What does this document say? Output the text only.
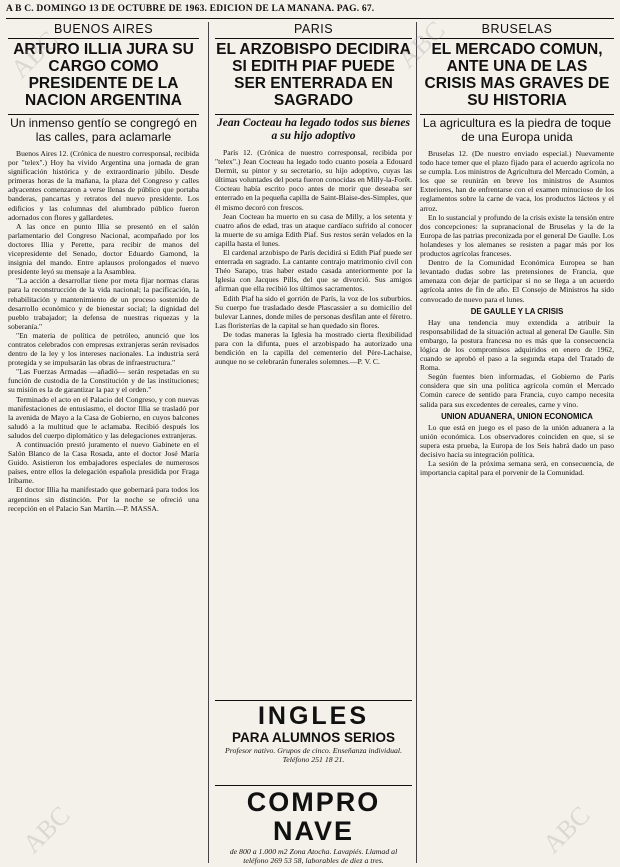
A B C. DOMINGO 13 DE OCTUBRE DE 1963. EDICION DE LA MAÑANA. PAG. 67.
BUENOS AIRES
ARTURO ILLIA JURA SU CARGO COMO PRESIDENTE DE LA NACION ARGENTINA
Un inmenso gentío se congregó en las calles, para aclamarle

Buenos Aires 12. (Crónica de nuestro corresponsal, recibida por "telex".) Hoy ha vivido Argentina una jornada de gran significación histórica y de extraordinario júbilo. Desde primeras horas de la mañana, la plaza del Congreso y calles adyacentes comenzaron a verse llenas de público que portaba banderas, pancartas y retratos del nuevo presidente. Los edificios y las columnas del alumbrado público fueron adornados con flores y gallardetes.

A las once en punto Illia se presentó en el salón parlamentario del Congreso Nacional, acompañado por los doctores Illia y Perette, para recibir de manos del vicepresidente del Senado, doctor Eduardo Gamond, la insignia del mando. Entre aplausos prolongados el nuevo presidente leyó su mensaje a la Asamblea.

"La acción a desarrollar tiene por meta fijar normas claras para la reconstrucción de la vida nacional; la pacificación, la rehabilitación y mantenimiento de un proceso sostenido de desarrollo económico y de bienestar social; la dignidad del pueblo trabajador; la defensa de nuestras riquezas y la soberanía."

"En materia de política de petróleo, anunció que los contratos celebrados con empresas extranjeras serán revisados dentro de la ley y los intereses nacionales. La industria será protegida y se impulsarán las obras de infraestructura."

"Las Fuerzas Armadas —añadió— serán respetadas en su función de custodia de la Constitución y de las instituciones; su misión es la de garantizar la paz y el orden."

Terminado el acto en el Palacio del Congreso, y con nuevas manifestaciones de entusiasmo, el doctor Illia se trasladó por la avenida de Mayo a la Casa de Gobierno, en cuyos balcones saludó a la multitud que le aclamaba. Recibió después los saludos del cuerpo diplomático y las delegaciones extranjeras.

A continuación prestó juramento el nuevo Gabinete en el Salón Blanco de la Casa Rosada, ante el doctor José María Guido. Asistieron los embajadores especiales de numerosos países, entre ellos la delegación española presidida por Fraga Iribarne.

El doctor Illia ha manifestado que gobernará para todos los argentinos sin distinción. Por la noche se ofreció una recepción en el Palacio San Martín.—P. MASSA.

PARIS
EL ARZOBISPO DECIDIRA SI EDITH PIAF PUEDE SER ENTERRADA EN SAGRADO
Jean Cocteau ha legado todos sus bienes a su hijo adoptivo

París 12. (Crónica de nuestro corresponsal, recibida por "telex".) Jean Cocteau ha legado todo cuanto poseía a Edouard Dermit, su pintor y su secretario, su hijo adoptivo, cuyas las últimas voluntades del poeta fueron conocidas en Milly-la-Forêt. Cocteau había escrito poco antes de morir que deseaba ser enterrado en la pequeña capilla de Saint-Blaise-des-Simples, que él mismo decoró con frescos.

Jean Cocteau ha muerto en su casa de Milly, a los setenta y cuatro años de edad, tras un ataque cardíaco sufrido al conocer la muerte de su amiga Edith Piaf. Sus restos serán velados en la capilla hasta el lunes.

El cardenal arzobispo de París decidirá si Edith Piaf puede ser enterrada en sagrado. La cantante contrajo matrimonio civil con Théo Sarapo, tras haber estado casada anteriormente por la Iglesia con Jacques Pills, del que se divorció. Sus amigos afirman que ella recibió los últimos sacramentos.

Edith Piaf ha sido el gorrión de París, la voz de los suburbios. Su cuerpo fue trasladado desde Plascassier a su domicilio del bulevar Lannes, donde miles de personas desfilan ante el féretro. Las floristerías de la capital se han quedado sin flores.

De todas maneras la Iglesia ha mostrado cierta flexibilidad para con la difunta, pues el arzobispado ha autorizado una bendición en la capilla del cementerio del Père-Lachaise, aunque no se celebrarán funerales solemnes.—P. V. C.

INGLES
PARA ALUMNOS SERIOS
Profesor nativo. Grupos de cinco. Enseñanza individual. Teléfono 251 18 21.
COMPRO NAVE
de 800 a 1.000 m2 Zona Atocha. Lavapiés. Llamad al teléfono 269 53 58, laborables de diez a tres.
BRUSELAS
EL MERCADO COMUN, ANTE UNA DE LAS CRISIS MAS GRAVES DE SU HISTORIA
La agricultura es la piedra de toque de una Europa unida

Bruselas 12. (De nuestro enviado especial.) Nuevamente todo hace temer que el plazo fijado para el acuerdo agrícola no se cumpla. Los ministros de Agricultura del Mercado Común, a los que se reunirán en breve los ministros de Asuntos Exteriores, han de enfrentarse con el examen minucioso de los reglamentos sobre la carne de vaca, los productos lácteos y el arroz.

En lo sustancial y profundo de la crisis existe la tensión entre dos concepciones: la supranacional de Bruselas y la de la Europa de las patrias preconizada por el general De Gaulle. Los holandeses y los alemanes se resisten a pagar más por los productos agrícolas franceses.

Dentro de la Comunidad Económica Europea se han levantado dudas sobre las pretensiones de Francia, que amenaza con dejar de participar si no se llega a un acuerdo agrícola antes de fin de año. El Consejo de Ministros ha sido convocado de nuevo para el lunes.

DE GAULLE Y LA CRISIS

Hay una tendencia muy extendida a atribuir la responsabilidad de la situación actual al general De Gaulle. Sin embargo, la postura francesa no es más que la consecuencia lógica de los compromisos adquiridos en enero de 1962, cuando se aprobó el paso a la segunda etapa del Tratado de Roma.

Según fuentes bien informadas, el Gobierno de París considera que sin una política agrícola común el Mercado Común carece de sentido para Francia, cuyo campo necesita salida para sus excedentes de cereales, carne y vino.

UNION ADUANERA, UNION ECONOMICA

Lo que está en juego es el paso de la unión aduanera a la unión económica. Los observadores coinciden en que, si se supera esta prueba, la Europa de los Seis habrá dado un paso decisivo hacia su integración política.

La sesión de la próxima semana será, en consecuencia, de importancia capital para el porvenir de la Comunidad.

ABC	ABC
ABC	ABC
